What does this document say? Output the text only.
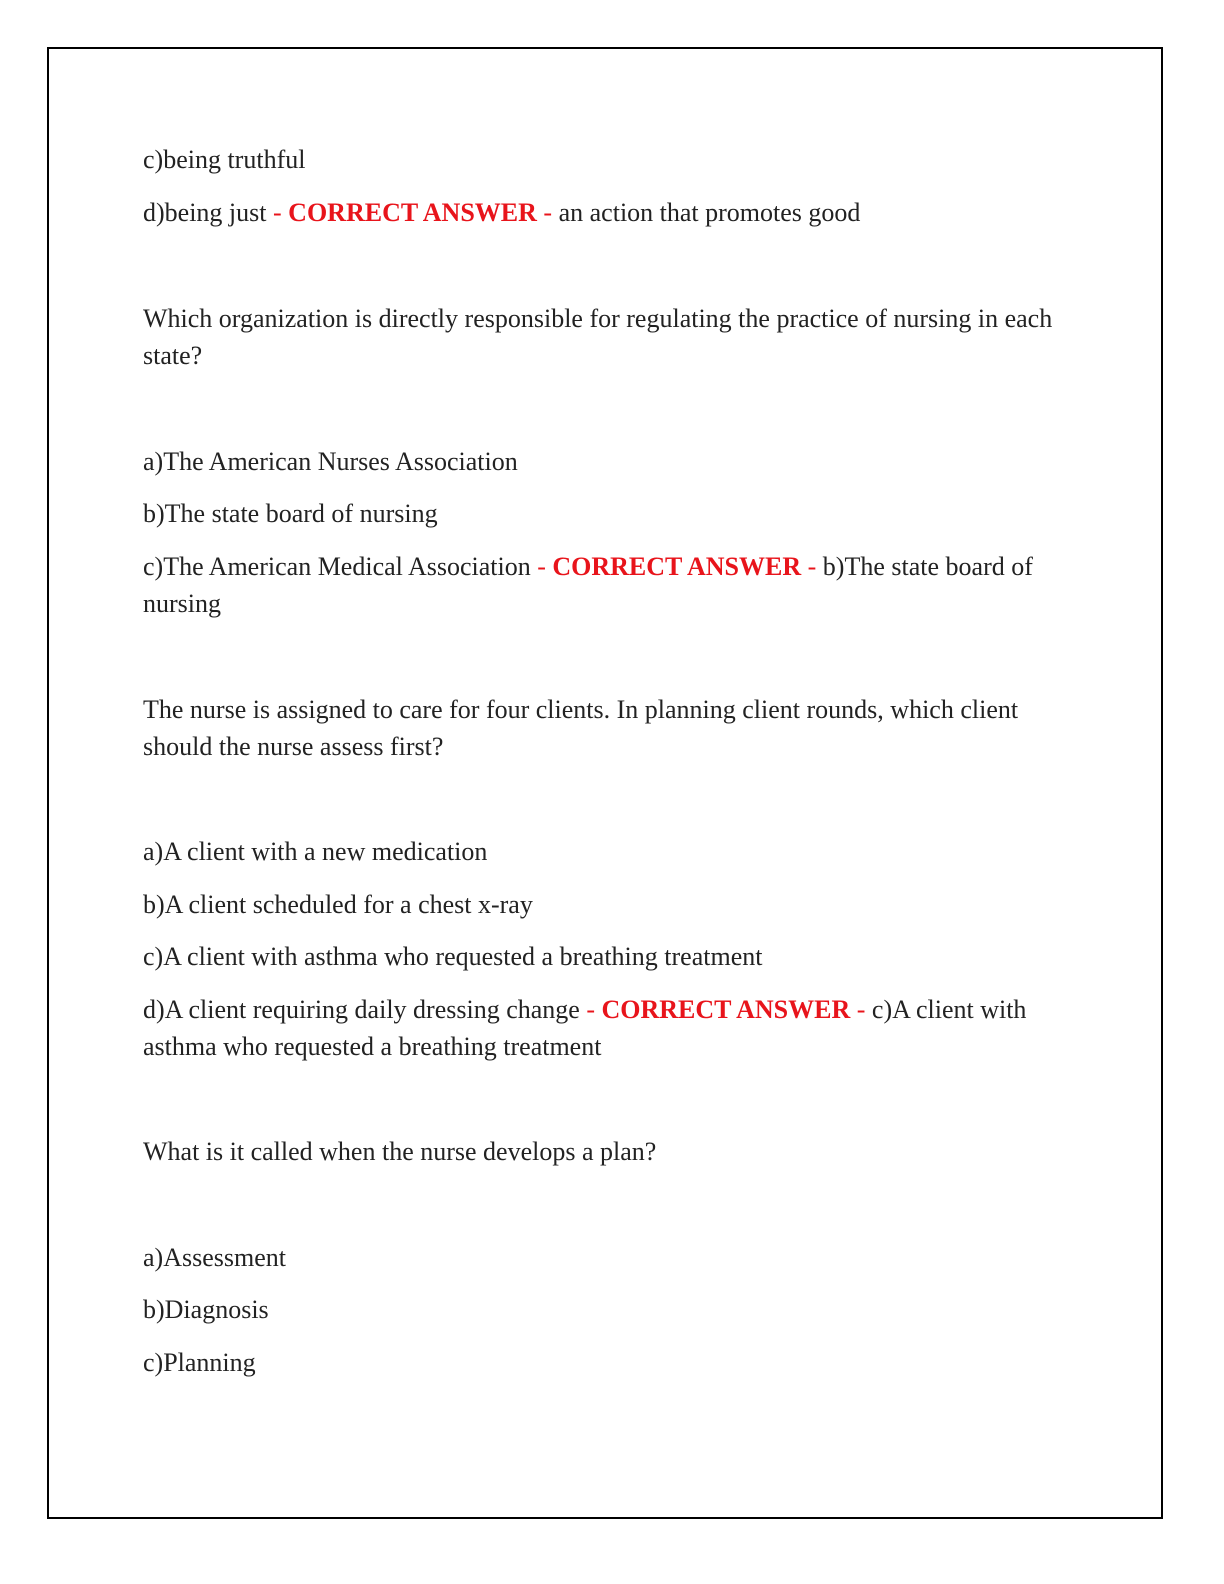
c)being truthful

d)being just - CORRECT ANSWER - an action that promotes good

Which organization is directly responsible for regulating the practice of nursing in each state?

a)The American Nurses Association

b)The state board of nursing

c)The American Medical Association - CORRECT ANSWER - b)The state board of nursing

The nurse is assigned to care for four clients. In planning client rounds, which client should the nurse assess first?

a)A client with a new medication

b)A client scheduled for a chest x-ray

c)A client with asthma who requested a breathing treatment

d)A client requiring daily dressing change - CORRECT ANSWER - c)A client with asthma who requested a breathing treatment

What is it called when the nurse develops a plan?

a)Assessment

b)Diagnosis

c)Planning
